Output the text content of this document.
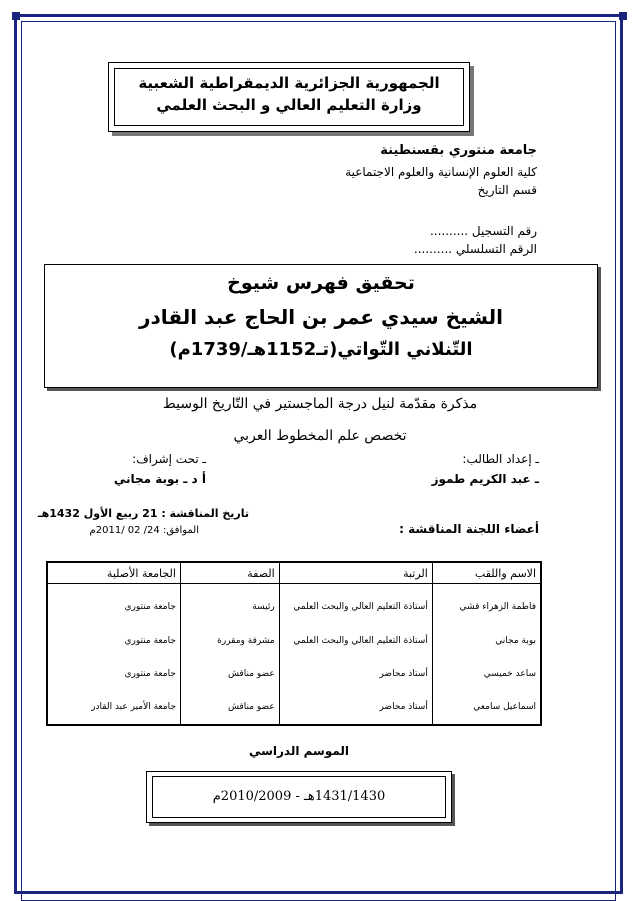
الجمهورية الجزائرية الديمقراطية الشعبية
وزارة التعليم العالي و البحث العلمي
جامعة منتوري بقسنطينة
كلية العلوم الإنسانية والعلوم الاجتماعية
قسم التاريخ
رقم التسجيل ..........
الرقم التسلسلي ..........
تحقيق فهرس شيوخ
الشيخ سيدي عمر بن الحاج عبد القادر
التّنلاني التّواتي(تـ1152هـ/1739م)
مذكرة مقدّمة لنيل درجة الماجستير في التّاريخ الوسيط
تخصص علم المخطوط العربي
ـ إعداد الطالب:
ـ عبد الكريم طموز
ـ تحت إشراف:
أ د ـ بوبة مجاني
تاريخ المناقشة : 21 ربيع الأول 1432هـ
الموافق: 24/ 02 /2011م	أعضاء اللجنة المناقشة :
الاسم واللقب	الرتبة	الصفة	الجامعة الأصلية
فاطمة الزهراء قشي	أستاذة التعليم العالي والبحث العلمي	رئيسة	جامعة منتوري
بوبة مجاني	أستاذة التعليم العالي والبحث العلمي	مشرفة ومقررة	جامعة منتوري
ساعد خميسي	أستاذ محاضر	عضو مناقش	جامعة منتوري
اسماعيل سامعي	أستاذ محاضر	عضو مناقش	جامعة الأمير عبد القادر
الموسم الدراسي
1431/1430هـ - 2010/2009م
